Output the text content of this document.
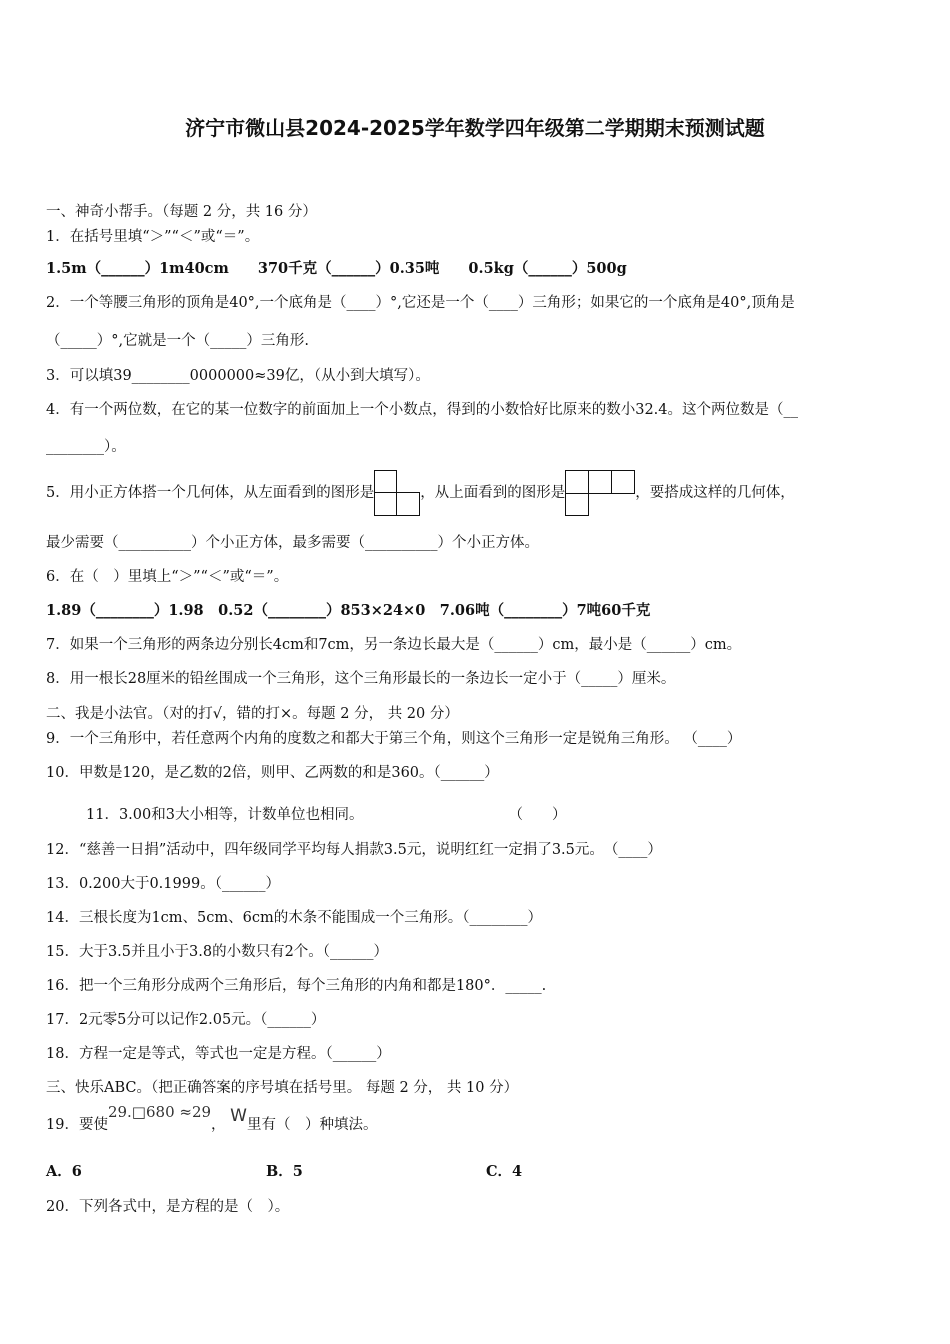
济宁市微山县2024-2025学年数学四年级第二学期期末预测试题
一、神奇小帮手。（每题 2 分，共 16 分）
1．在括号里填“＞”“＜”或“＝”。
1.5m（______）1m40cm　　370千克（______）0.35吨　　0.5kg（______）500g
2．一个等腰三角形的顶角是40°,一个底角是（____）°,它还是一个（____）三角形；如果它的一个底角是40°,顶角是
（_____）°,它就是一个（_____）三角形.
3．可以填39________0000000≈39亿，（从小到大填写）。
4．有一个两位数，在它的某一位数字的前面加上一个小数点，得到的小数恰好比原来的数小32.4。这个两位数是（__
________）。
5．用小正方体搭一个几何体，从左面看到的图形是	，从上面看到的图形是	，要搭成这样的几何体，
最少需要（__________）个小正方体，最多需要（__________）个小正方体。
6．在（　）里填上“＞”“＜”或“＝”。
1.89（________）1.98　0.52（________）853×24×0　7.06吨（________）7吨60千克
7．如果一个三角形的两条边分别长4cm和7cm，另一条边长最大是（______）cm，最小是（______）cm。
8．用一根长28厘米的铅丝围成一个三角形，这个三角形最长的一条边长一定小于（_____）厘米。
二、我是小法官。（对的打√，错的打×。每题 2 分， 共 20 分）
9．一个三角形中，若任意两个内角的度数之和都大于第三个角，则这个三角形一定是锐角三角形。 （____）
10．甲数是120，是乙数的2倍，则甲、乙两数的和是360。（______）
11．3.00和3大小相等，计数单位也相同。　　　　　　　　　　　（　　）
12．“慈善一日捐”活动中，四年级同学平均每人捐款3.5元，说明红红一定捐了3.5元。　（____）
13．0.200大于0.1999。（______）
14．三根长度为1cm、5cm、6cm的木条不能围成一个三角形。（________）
15．大于3.5并且小于3.8的小数只有2个。（______）
16．把一个三角形分成两个三角形后，每个三角形的内角和都是180°．_____.
17．2元零5分可以记作2.05元。（______）
18．方程一定是等式，等式也一定是方程。（______）
三、快乐ABC。（把正确答案的序号填在括号里。 每题 2 分， 共 10 分）
19．要使29.□680 ≈29， W里有（　）种填法。
A．6	B．5	C．4
20．下列各式中，是方程的是（　）。
